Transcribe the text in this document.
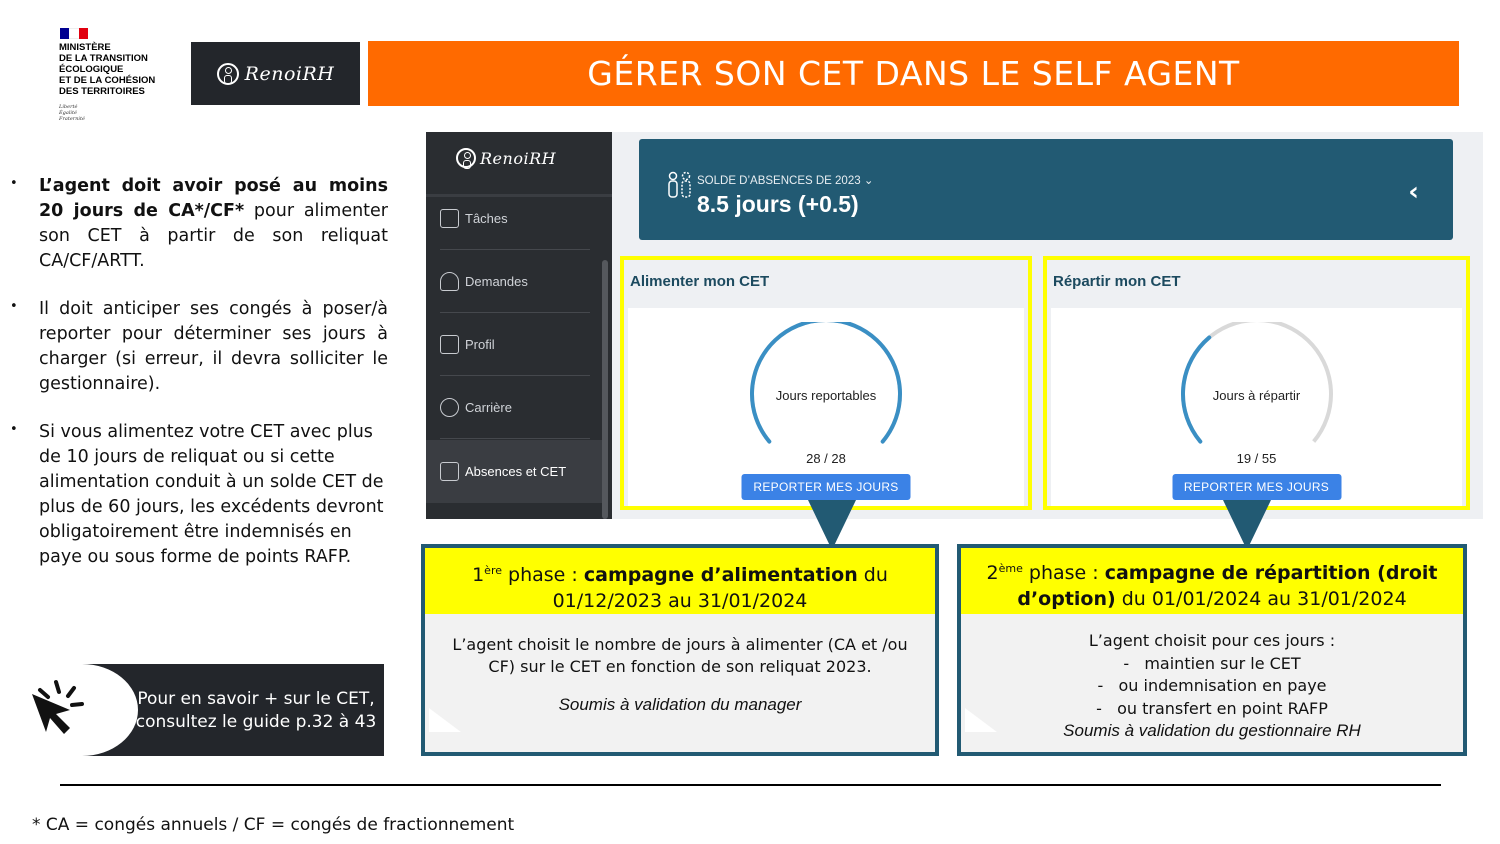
MINISTÈRE
DE LA TRANSITION
ÉCOLOGIQUE
ET DE LA COHÉSION
DES TERRITOIRES
Liberté
Égalité
Fraternité
RenoiRH	GÉRER SON CET DANS LE SELF AGENT
• L’agent doit avoir posé au moins 20 jours de CA*/CF* pour alimenter son CET à partir de son reliquat CA/CF/ARTT.
• Il doit anticiper ses congés à poser/à reporter pour déterminer ses jours à charger (si erreur, il devra solliciter le gestionnaire).
• Si vous alimentez votre CET avec plus de 10 jours de reliquat ou si cette alimentation conduit à un solde CET de plus de 60 jours, les excédents devront obligatoirement être indemnisés en paye ou sous forme de points RAFP.
Pour en savoir + sur le CET,
consultez le guide p.32 à 43
RenoiRH
Tâches
Demandes
Profil
Carrière
Absences et CET
SOLDE D’ABSENCES DE 2023 ⌄
8.5 jours (+0.5)	‹
Alimenter mon CET
Jours reportables
28 / 28
REPORTER MES JOURS
Répartir mon CET
Jours à répartir
19 / 55
REPORTER MES JOURS
1ère phase : campagne d’alimentation du 01/12/2023 au 31/01/2024
L’agent choisit le nombre de jours à alimenter (CA et /ou CF) sur le CET en fonction de son reliquat 2023.
Soumis à validation du manager
2ème phase : campagne de répartition (droit d’option) du 01/01/2024 au 31/01/2024
L’agent choisit pour ces jours :
-   maintien sur le CET
-   ou indemnisation en paye
-   ou transfert en point RAFP
Soumis à validation du gestionnaire RH
* CA = congés annuels / CF = congés de fractionnement
